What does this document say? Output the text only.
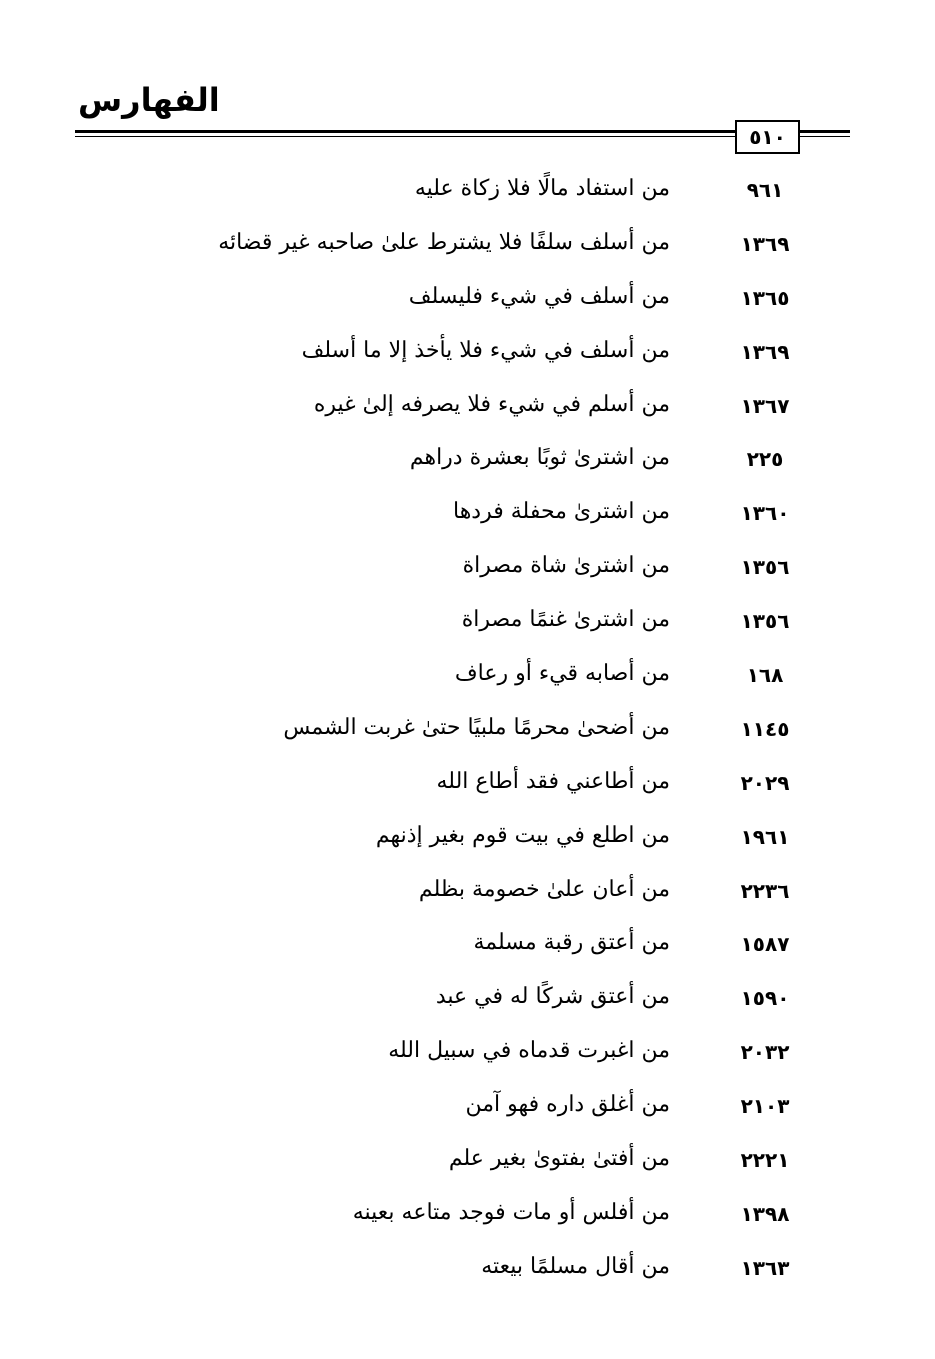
الفهارس
٥١٠
٩٦١
من استفاد مالًا فلا زكاة عليه
١٣٦٩
من أسلف سلفًا فلا يشترط علىٰ صاحبه غير قضائه
١٣٦٥
من أسلف في شيء فليسلف
١٣٦٩
من أسلف في شيء فلا يأخذ إلا ما أسلف
١٣٦٧
من أسلم في شيء فلا يصرفه إلىٰ غيره
٢٢٥
من اشترىٰ ثوبًا بعشرة دراهم
١٣٦٠
من اشترىٰ محفلة فردها
١٣٥٦
من اشترىٰ شاة مصراة
١٣٥٦
من اشترىٰ غنمًا مصراة
١٦٨
من أصابه قيء أو رعاف
١١٤٥
من أضحىٰ محرمًا ملبيًا حتىٰ غربت الشمس
٢٠٢٩
من أطاعني فقد أطاع الله
١٩٦١
من اطلع في بيت قوم بغير إذنهم
٢٢٣٦
من أعان علىٰ خصومة بظلم
١٥٨٧
من أعتق رقبة مسلمة
١٥٩٠
من أعتق شركًا له في عبد
٢٠٣٢
من اغبرت قدماه في سبيل الله
٢١٠٣
من أغلق داره فهو آمن
٢٢٢١
من أفتىٰ بفتوىٰ بغير علم
١٣٩٨
من أفلس أو مات فوجد متاعه بعينه
١٣٦٣
من أقال مسلمًا بيعته
